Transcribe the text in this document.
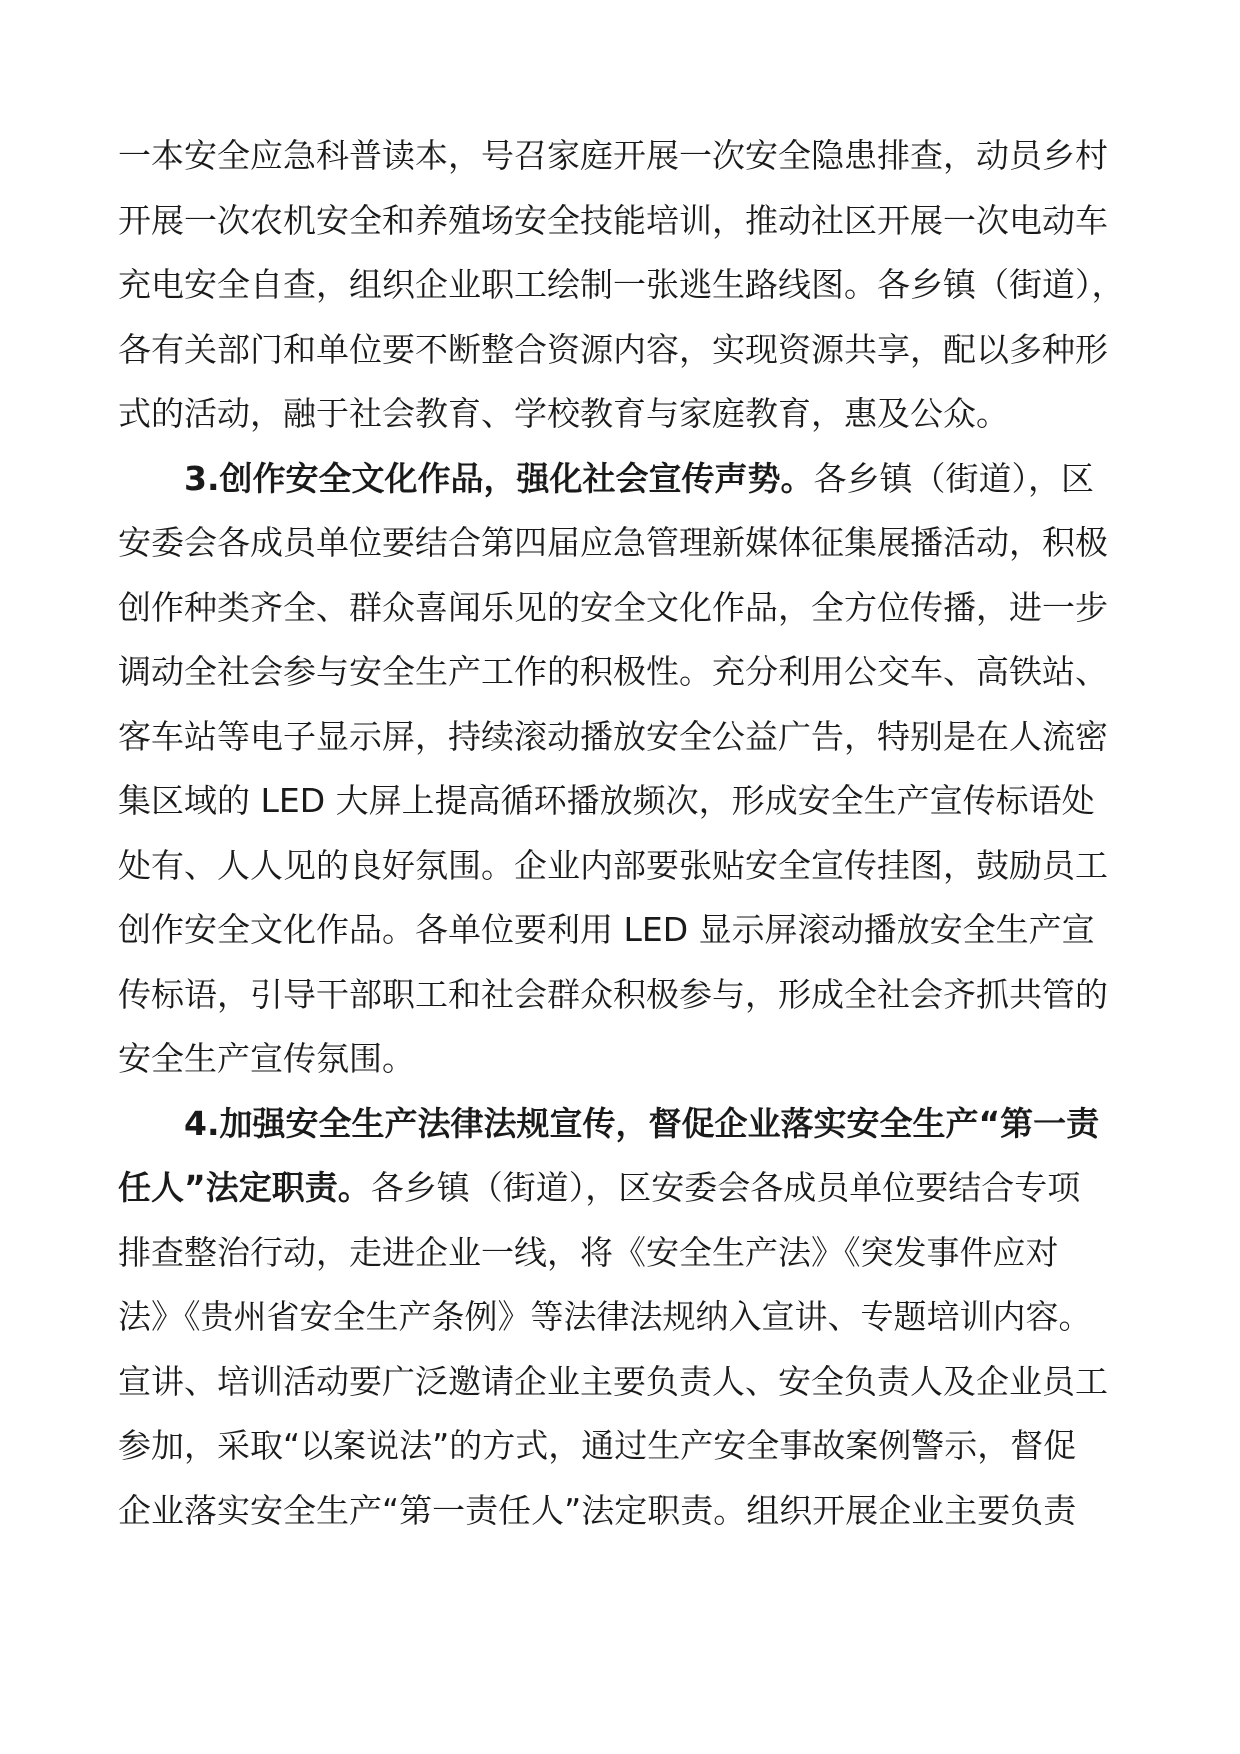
一本安全应急科普读本，号召家庭开展一次安全隐患排查，动员乡村
开展一次农机安全和养殖场安全技能培训，推动社区开展一次电动车
充电安全自查，组织企业职工绘制一张逃生路线图。各乡镇（街道），
各有关部门和单位要不断整合资源内容，实现资源共享，配以多种形
式的活动，融于社会教育、学校教育与家庭教育，惠及公众。
3.创作安全文化作品，强化社会宣传声势。各乡镇（街道），区
安委会各成员单位要结合第四届应急管理新媒体征集展播活动，积极
创作种类齐全、群众喜闻乐见的安全文化作品，全方位传播，进一步
调动全社会参与安全生产工作的积极性。充分利用公交车、高铁站、
客车站等电子显示屏，持续滚动播放安全公益广告，特别是在人流密
集区域的 LED 大屏上提高循环播放频次，形成安全生产宣传标语处
处有、人人见的良好氛围。企业内部要张贴安全宣传挂图，鼓励员工
创作安全文化作品。各单位要利用 LED 显示屏滚动播放安全生产宣
传标语，引导干部职工和社会群众积极参与，形成全社会齐抓共管的
安全生产宣传氛围。
4.加强安全生产法律法规宣传，督促企业落实安全生产“第一责
任人”法定职责。各乡镇（街道），区安委会各成员单位要结合专项
排查整治行动，走进企业一线，将《安全生产法》《突发事件应对
法》《贵州省安全生产条例》等法律法规纳入宣讲、专题培训内容。
宣讲、培训活动要广泛邀请企业主要负责人、安全负责人及企业员工
参加，采取“以案说法”的方式，通过生产安全事故案例警示，督促
企业落实安全生产“第一责任人”法定职责。组织开展企业主要负责
